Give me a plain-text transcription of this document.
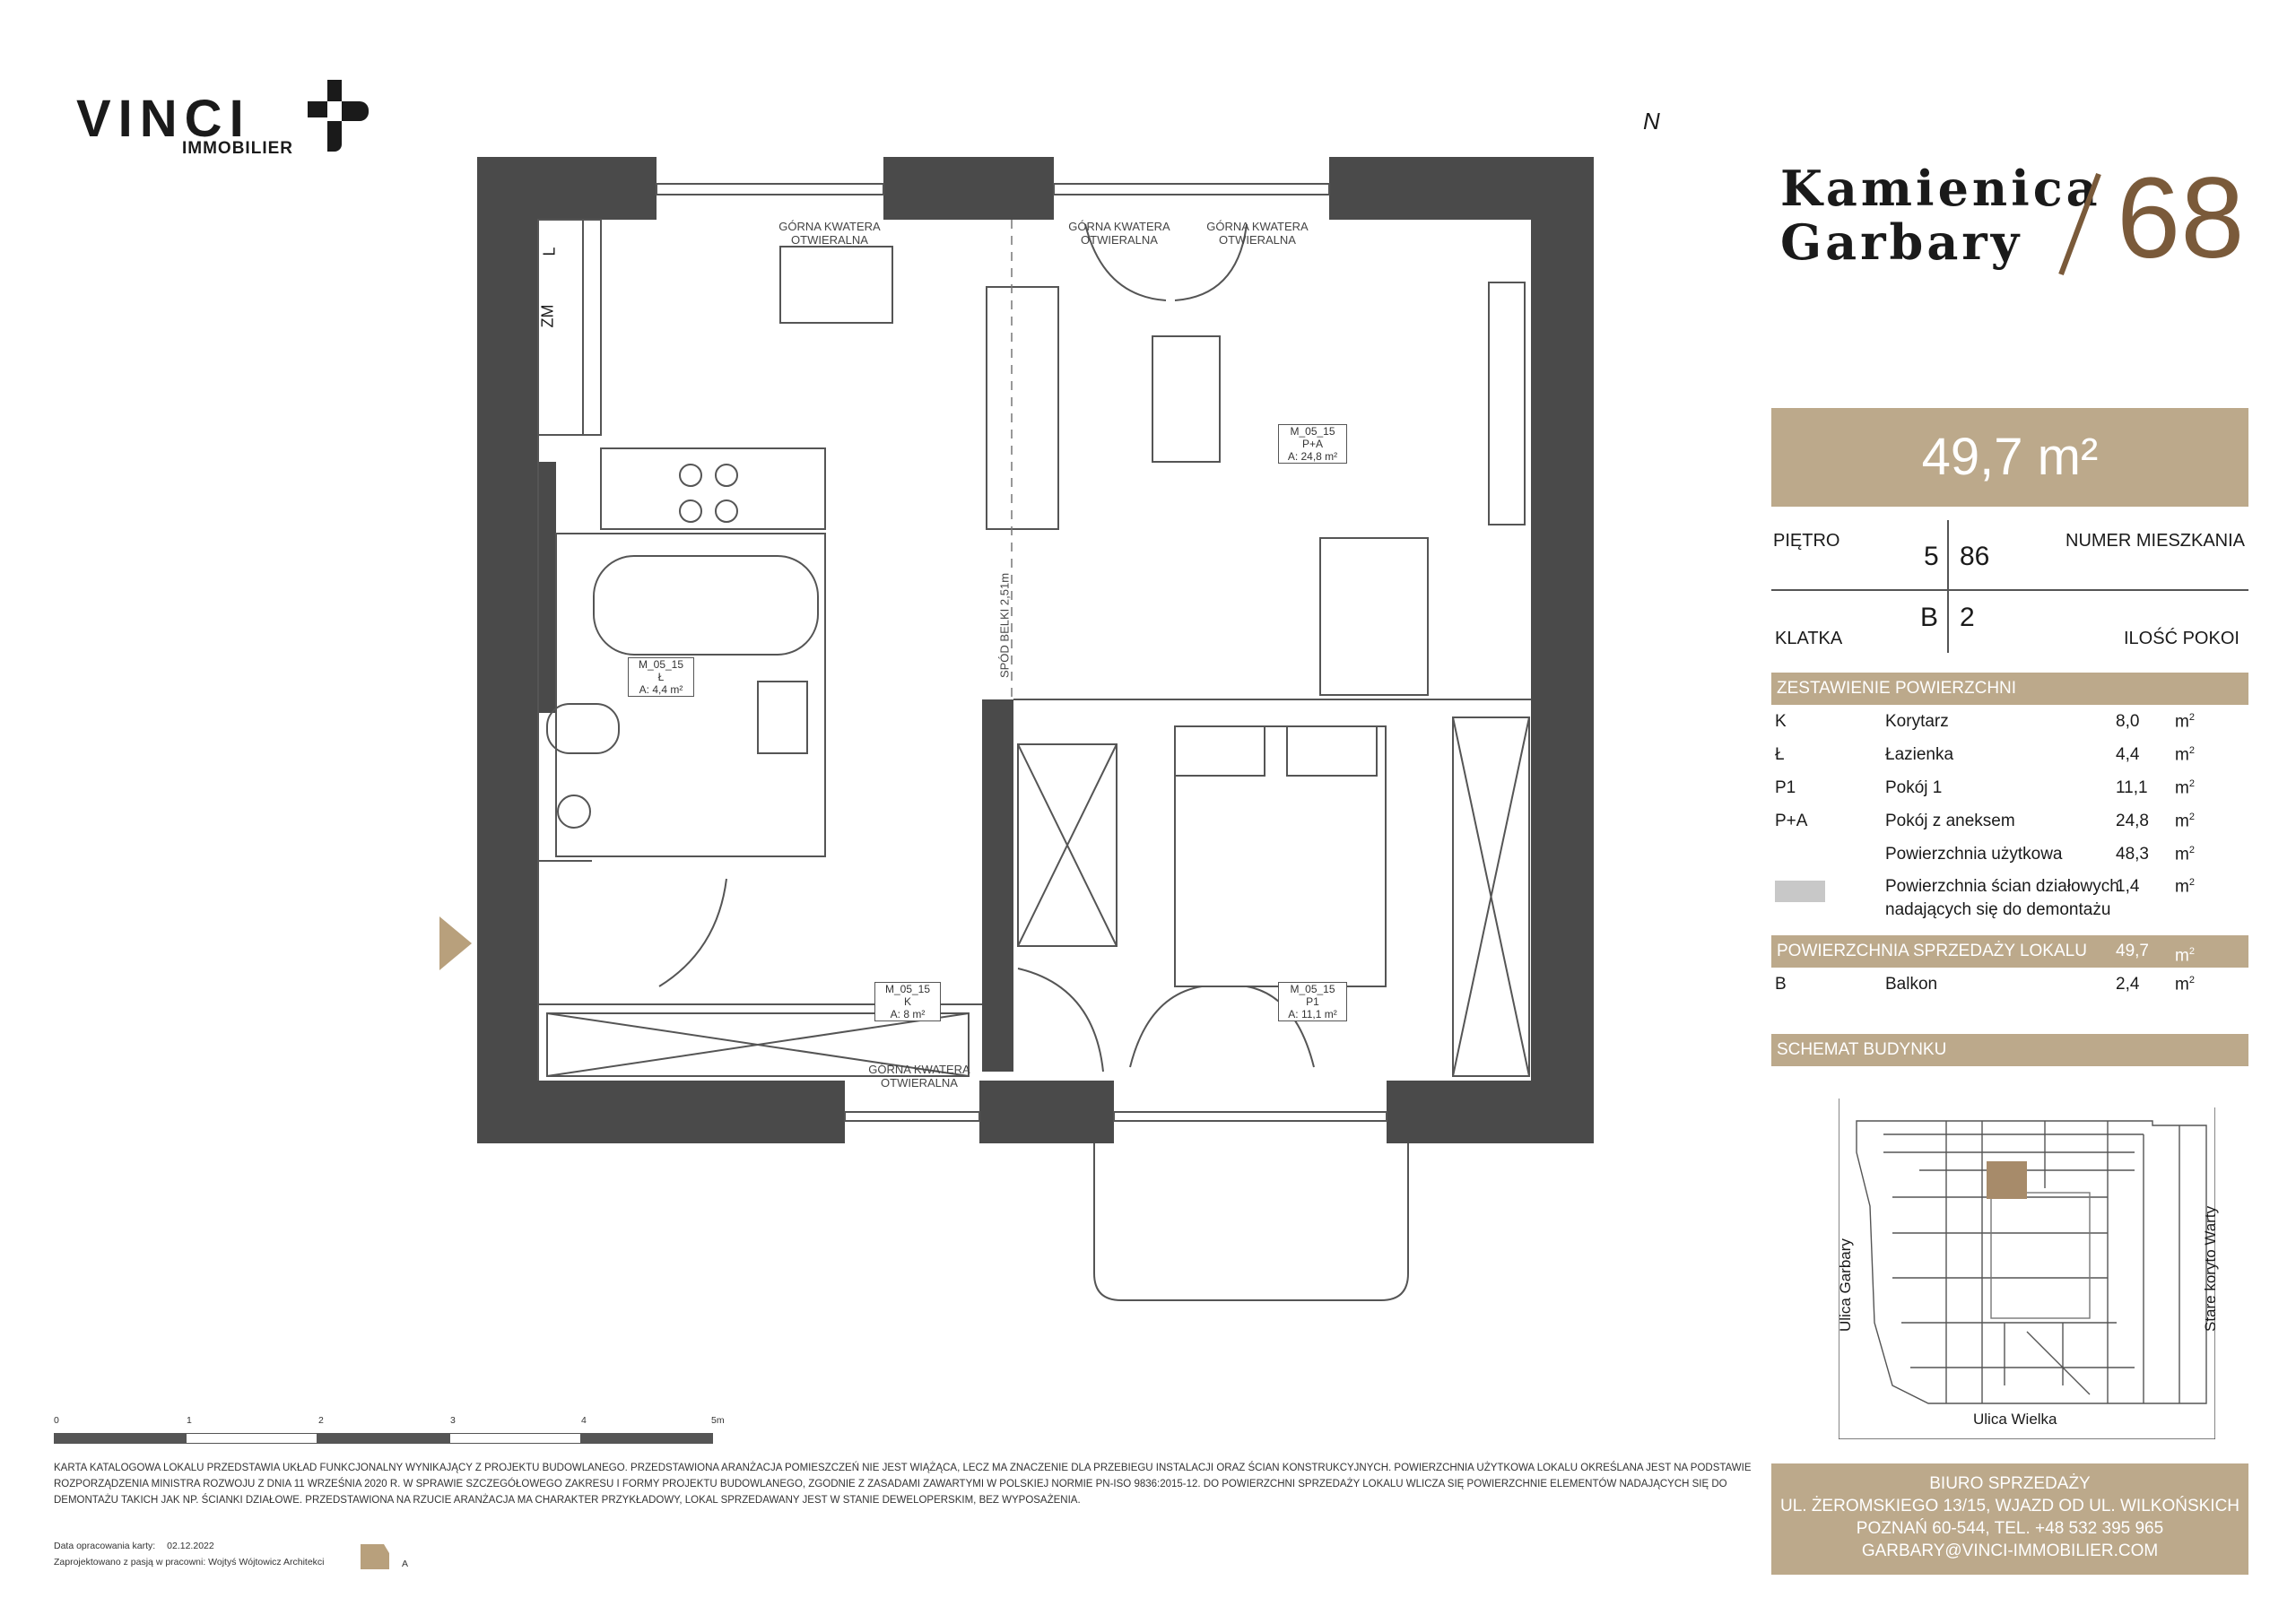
VINCI
IMMOBILIER
Kamienica
Garbary 68
49,7 m²
PIĘTRO
5 86
NUMER MIESZKANIA
B 2
KLATKA	ILOŚĆ POKOI
ZESTAWIENIE POWIERZCHNI
K	Korytarz	8,0 $m^2$
Ł	Łazienka	4,4 $m^2$
P1	Pokój 1	11,1 $m^2$
P+A	Pokój z aneksem	24,8 $m^2$
Powierzchnia użytkowa	48,3 $m^2$
Powierzchnia ścian działowych
nadających się do demontażu
1,4 $m^2$
POWIERZCHNIA SPRZEDAŻY LOKALU 49,7 $m^2$
B	Balkon	2,4 $m^2$
SCHEMAT BUDYNKU
Ulica Garbary
Ulica Wielka
Stare koryto Warty
BIURO SPRZEDAŻY
UL. ŻEROMSKIEGO 13/15, WJAZD OD UL. WILKOŃSKICH
POZNAŃ 60-544, TEL. +48 532 395 965
GARBARY@VINCI-IMMOBILIER.COM
N
GÓRNA KWATERA
OTWIERALNA
GÓRNA KWATERA
OTWIERALNA
GÓRNA KWATERA
OTWIERALNA
GÓRNA KWATERA
OTWIERALNA
SPÓD BELKI 2,51m
L
ZM
M_05_15
P+A
A: 24,8 m²
M_05_15
Ł
A: 4,4 m²
M_05_15
K
A: 8 m²
M_05_15
P1
A: 11,1 m²
0	1	2	3	4	5m
KARTA KATALOGOWA LOKALU PRZEDSTAWIA UKŁAD FUNKCJONALNY WYNIKAJĄCY Z PROJEKTU BUDOWLANEGO. PRZEDSTAWIONA ARANŻACJA POMIESZCZEŃ NIE JEST WIĄŻĄCA, LECZ MA ZNACZENIE DLA PRZEBIEGU INSTALACJI ORAZ ŚCIAN KONSTRUKCYJNYCH. POWIERZCHNIA UŻYTKOWA LOKALU OKREŚLANA JEST NA PODSTAWIE
ROZPORZĄDZENIA MINISTRA ROZWOJU Z DNIA 11 WRZEŚNIA 2020 R. W SPRAWIE SZCZEGÓŁOWEGO ZAKRESU I FORMY PROJEKTU BUDOWLANEGO, ZGODNIE Z ZASADAMI ZAWARTYMI W POLSKIEJ NORMIE PN-ISO 9836:2015-12. DO POWIERZCHNI SPRZEDAŻY LOKALU WLICZA SIĘ POWIERZCHNIE ELEMENTÓW NADAJĄCYCH SIĘ DO
DEMONTAŻU TAKICH JAK NP. ŚCIANKI DZIAŁOWE. PRZEDSTAWIONA NA RZUCIE ARANŻACJA MA CHARAKTER PRZYKŁADOWY, LOKAL SPRZEDAWANY JEST W STANIE DEWELOPERSKIM, BEZ WYPOSAŻENIA.
Data opracowania karty: 02.12.2022
Zaprojektowano z pasją w pracowni: Wojtyś Wójtowicz Architekci	A
